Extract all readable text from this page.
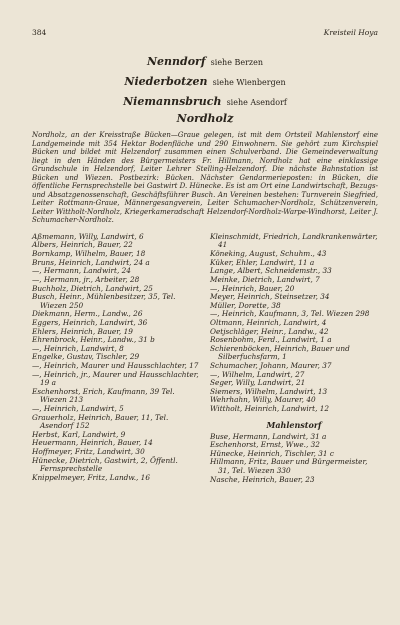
384	Kreisteil Hoya

Nenndorf siehe Berzen

Niederbotzen siehe Wienbergen

Niemannsbruch siehe Asendorf

Nordholz

Nordholz, an der Kreisstraße Bücken—Graue gelegen, ist mit dem Ortsteil Mahlenstorf eine Landgemeinde mit 354 Hektar Bodenfläche und 290 Einwohnern. Sie gehört zum Kirchspiel Bücken und bildet mit Helzendorf zusammen einen Schulverband. Die Gemeindeverwaltung liegt in den Händen des Bürgermeisters Fr. Hillmann, Nordholz hat eine einklassige Grundschule in Helzendorf, Leiter Lehrer Stelling-Helzendorf. Die nächste Bahnstation ist Bücken und Wiezen. Postbezirk: Bücken. Nächster Gendarmerieposten: in Bücken, die öffentliche Fernsprechstelle bei Gastwirt D. Hünecke. Es ist am Ort eine Landwirtschaft, Bezugs- und Absatzgenossenschaft, Geschäftsführer Busch. An Vereinen bestehen: Turnverein Siegfried, Leiter Rottmann-Graue, Männergesangverein, Leiter Schumacher-Nordholz, Schützenverein, Leiter Wittholt-Nordholz, Kriegerkameradschaft Helzendorf-Nordholz-Warpe-Windhorst, Leiter J. Schumacher-Nordholz.

Aßmemann, Willy, Landwirt, 6
Albers, Heinrich, Bauer, 22
Bornkamp, Wilhelm, Bauer, 18
Bruns, Heinrich, Landwirt, 24 a
—, Hermann, Landwirt, 24
—, Hermann, jr., Arbeiter, 28
Buchholz, Dietrich, Landwirt, 25
Busch, Heinr., Mühlenbesitzer, 35, Tel. Wiezen 250
Diekmann, Herm., Landw., 26
Eggers, Heinrich, Landwirt, 36
Ehlers, Heinrich, Bauer, 19
Ehrenbrock, Heinr., Landw., 31 b
—, Heinrich, Landwirt, 8
Engelke, Gustav, Tischler, 29
—, Heinrich, Maurer und Hausschlachter, 17
—, Heinrich, jr., Maurer und Hausschlachter, 19 a
Eschenhorst, Erich, Kaufmann, 39 Tel. Wiezen 213
—, Heinrich, Landwirt, 5
Grauerholz, Heinrich, Bauer, 11, Tel. Asendorf 152
Herbst, Karl, Landwirt, 9
Heuermann, Heinrich, Bauer, 14
Hoffmeyer, Fritz, Landwirt, 30
Hünecke, Dietrich, Gastwirt, 2, Öffentl. Fernsprechstelle
Knippelmeyer, Fritz, Landw., 16
Kleinschmidt, Friedrich, Landkrankenwärter, 41
Köneking, August, Schuhm., 43
Küker, Ehler, Landwirt, 11 a
Lange, Albert, Schneidemstr., 33
Meinke, Dietrich, Landwirt, 7
—, Heinrich, Bauer, 20
Meyer, Heinrich, Steinsetzer, 34
Müller, Dorette, 38
—, Heinrich, Kaufmann, 3, Tel. Wiezen 298
Oltmann, Heinrich, Landwirt, 4
Oetjschläger, Heinr., Landw., 42
Rosenbohm, Ferd., Landwirt, 1 a
Schierenböcken, Heinrich, Bauer und Silberfuchsfarm, 1
Schumacher, Johann, Maurer, 37
—, Wilhelm, Landwirt, 27
Seger, Willy, Landwirt, 21
Siemers, Wilhelm, Landwirt, 13
Wehrhahn, Willy, Maurer, 40
Wittholt, Heinrich, Landwirt, 12
Mahlenstorf
Buse, Hermann, Landwirt, 31 a
Eschenhorst, Ernst, Wwe., 32
Hünecke, Heinrich, Tischler, 31 c
Hillmann, Fritz, Bauer und Bürgermeister, 31, Tel. Wiezen 330
Nasche, Heinrich, Bauer, 23
